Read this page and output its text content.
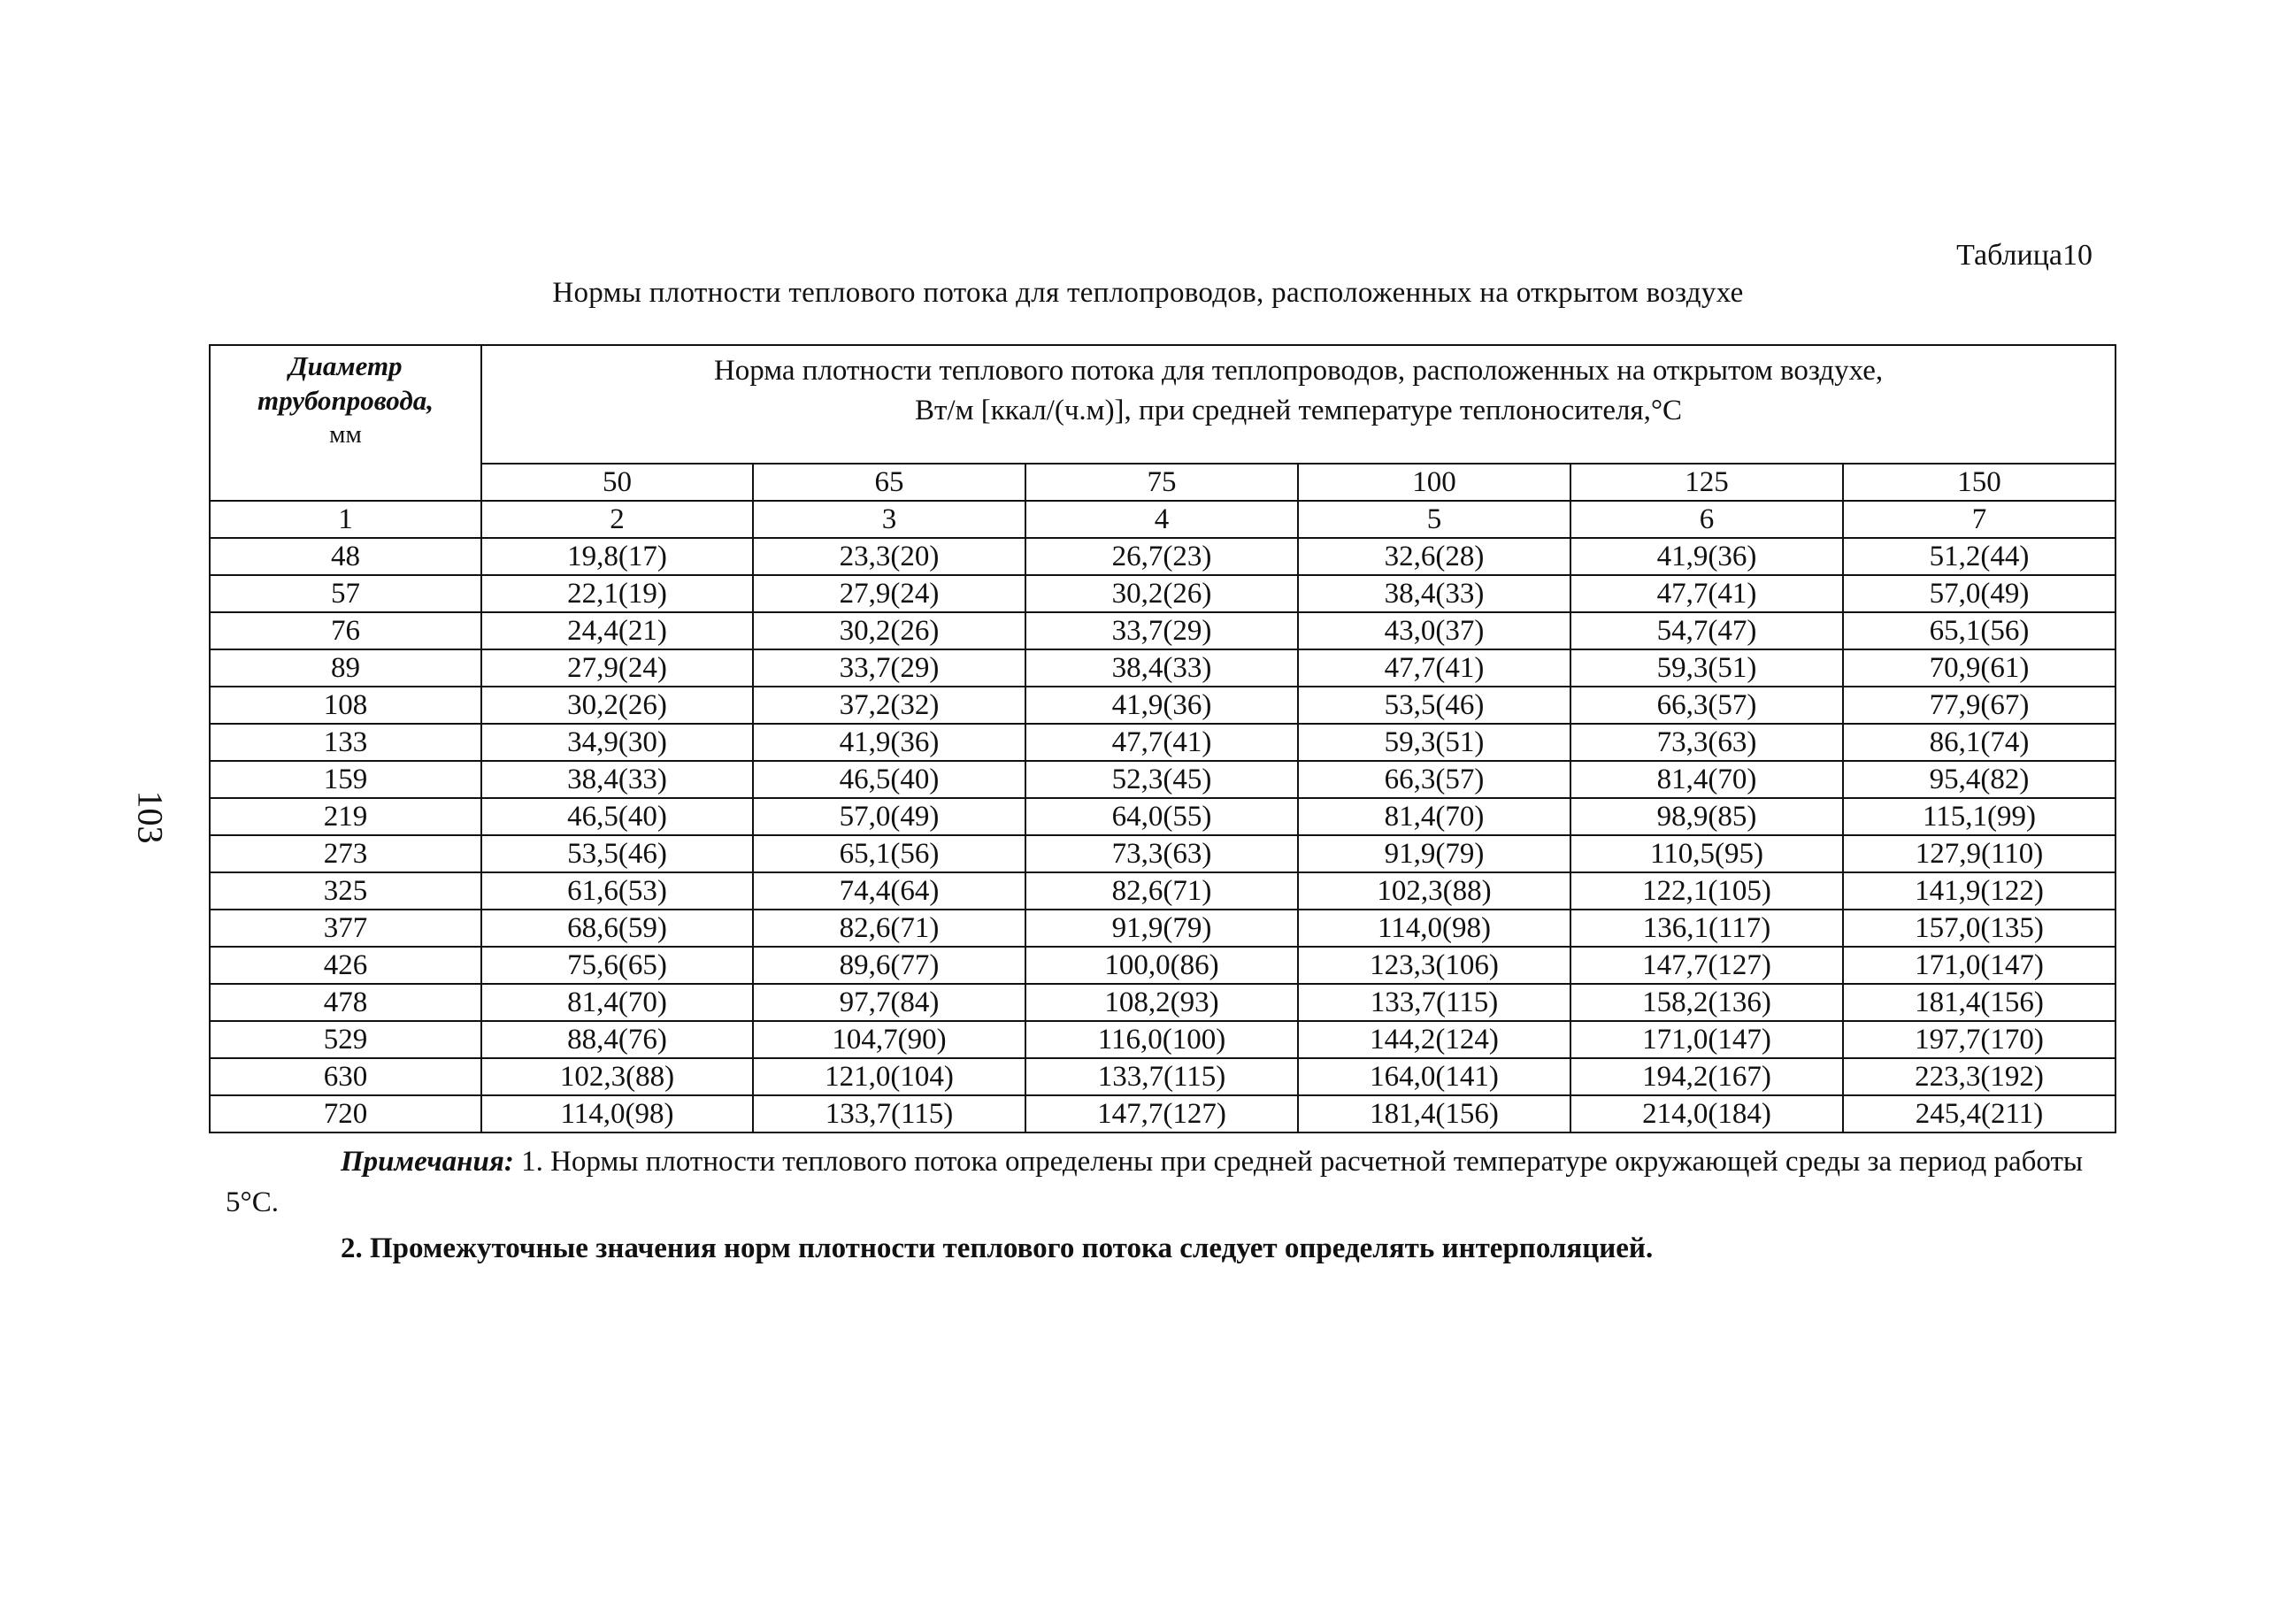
Таблица10
Нормы плотности теплового потока для теплопроводов, расположенных на открытом воздухе
103
Диаметр
трубопровода,
мм	Норма плотности теплового потока для теплопроводов, расположенных на открытом воздухе,
Вт/м [ккал/(ч.м)], при средней температуре теплоносителя,°С					

	50	65	75	100	125	150
1	2	3	4	5	6	7
48	19,8(17)	23,3(20)	26,7(23)	32,6(28)	41,9(36)	51,2(44)
57	22,1(19)	27,9(24)	30,2(26)	38,4(33)	47,7(41)	57,0(49)
76	24,4(21)	30,2(26)	33,7(29)	43,0(37)	54,7(47)	65,1(56)
89	27,9(24)	33,7(29)	38,4(33)	47,7(41)	59,3(51)	70,9(61)
108	30,2(26)	37,2(32)	41,9(36)	53,5(46)	66,3(57)	77,9(67)
133	34,9(30)	41,9(36)	47,7(41)	59,3(51)	73,3(63)	86,1(74)
159	38,4(33)	46,5(40)	52,3(45)	66,3(57)	81,4(70)	95,4(82)
219	46,5(40)	57,0(49)	64,0(55)	81,4(70)	98,9(85)	115,1(99)
273	53,5(46)	65,1(56)	73,3(63)	91,9(79)	110,5(95)	127,9(110)
325	61,6(53)	74,4(64)	82,6(71)	102,3(88)	122,1(105)	141,9(122)
377	68,6(59)	82,6(71)	91,9(79)	114,0(98)	136,1(117)	157,0(135)
426	75,6(65)	89,6(77)	100,0(86)	123,3(106)	147,7(127)	171,0(147)
478	81,4(70)	97,7(84)	108,2(93)	133,7(115)	158,2(136)	181,4(156)
529	88,4(76)	104,7(90)	116,0(100)	144,2(124)	171,0(147)	197,7(170)
630	102,3(88)	121,0(104)	133,7(115)	164,0(141)	194,2(167)	223,3(192)
720	114,0(98)	133,7(115)	147,7(127)	181,4(156)	214,0(184)	245,4(211)

Примечания: 1. Нормы плотности теплового потока определены при средней расчетной температуре окружающей среды за период работы 5°С.

2. Промежуточные значения норм плотности теплового потока следует определять интерполяцией.
